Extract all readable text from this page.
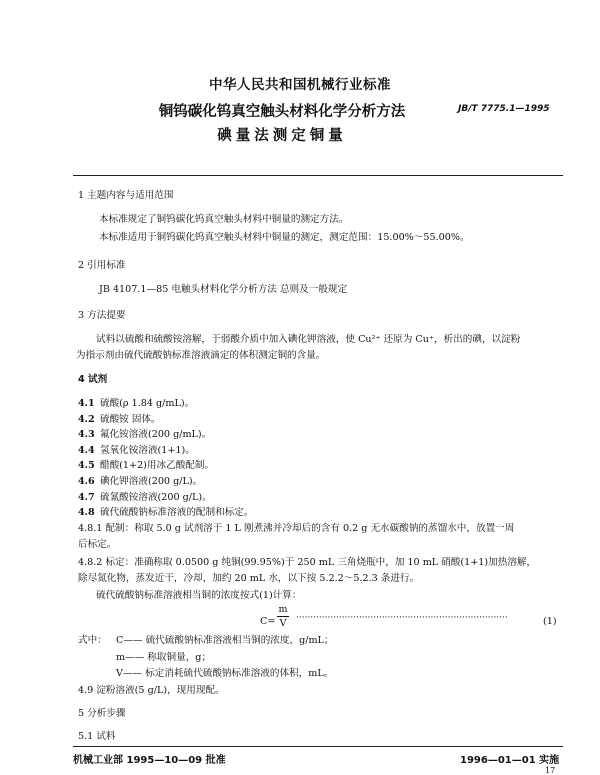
中华人民共和国机械行业标准
铜钨碳化钨真空触头材料化学分析方法
碘量法测定铜量
JB/T 7775.1—1995
1 主题内容与适用范围
本标准规定了铜钨碳化钨真空触头材料中铜量的测定方法。
本标准适用于铜钨碳化钨真空触头材料中铜量的测定，测定范围：15.00%～55.00%。
2 引用标准
JB 4107.1—85 电触头材料化学分析方法 总则及一般规定
3 方法提要
试料以硫酸和硫酸铵溶解，于弱酸介质中加入碘化钾溶液，使 Cu²⁺ 还原为 Cu⁺，析出的碘，以淀粉
为指示剂由硫代硫酸钠标准溶液滴定的体积测定铜的含量。
4 试剂
4.1 硫酸(ρ 1.84 g/mL)。
4.2 硫酸铵 固体。
4.3 氟化铵溶液(200 g/mL)。
4.4 氢氧化铵溶液(1+1)。
4.5 醋酸(1+2)用冰乙酸配制。
4.6 碘化钾溶液(200 g/L)。
4.7 硫氰酸铵溶液(200 g/L)。
4.8 硫代硫酸钠标准溶液的配制和标定。
4.8.1 配制：称取 5.0 g 试剂溶于 1 L 刚煮沸并冷却后的含有 0.2 g 无水碳酸钠的蒸馏水中，放置一周
后标定。
4.8.2 标定：准确称取 0.0500 g 纯铜(99.95%)于 250 mL 三角烧瓶中，加 10 mL 硝酸(1+1)加热溶解，
除尽氮化物，蒸发近干，冷却，加约 20 mL 水，以下按 5.2.2～5.2.3 条进行。
硫代硫酸钠标准溶液相当铜的浓度按式(1)计算：
C=
m
V ··········································································	(1)
式中： C—— 硫代硫酸钠标准溶液相当铜的浓度，g/mL；
m—— 称取铜量，g；
V—— 标定消耗硫代硫酸钠标准溶液的体积，mL。
4.9 淀粉溶液(5 g/L)，现用现配。
5 分析步骤
5.1 试料
机械工业部 1995—10—09 批准	1996—01—01 实施
17
